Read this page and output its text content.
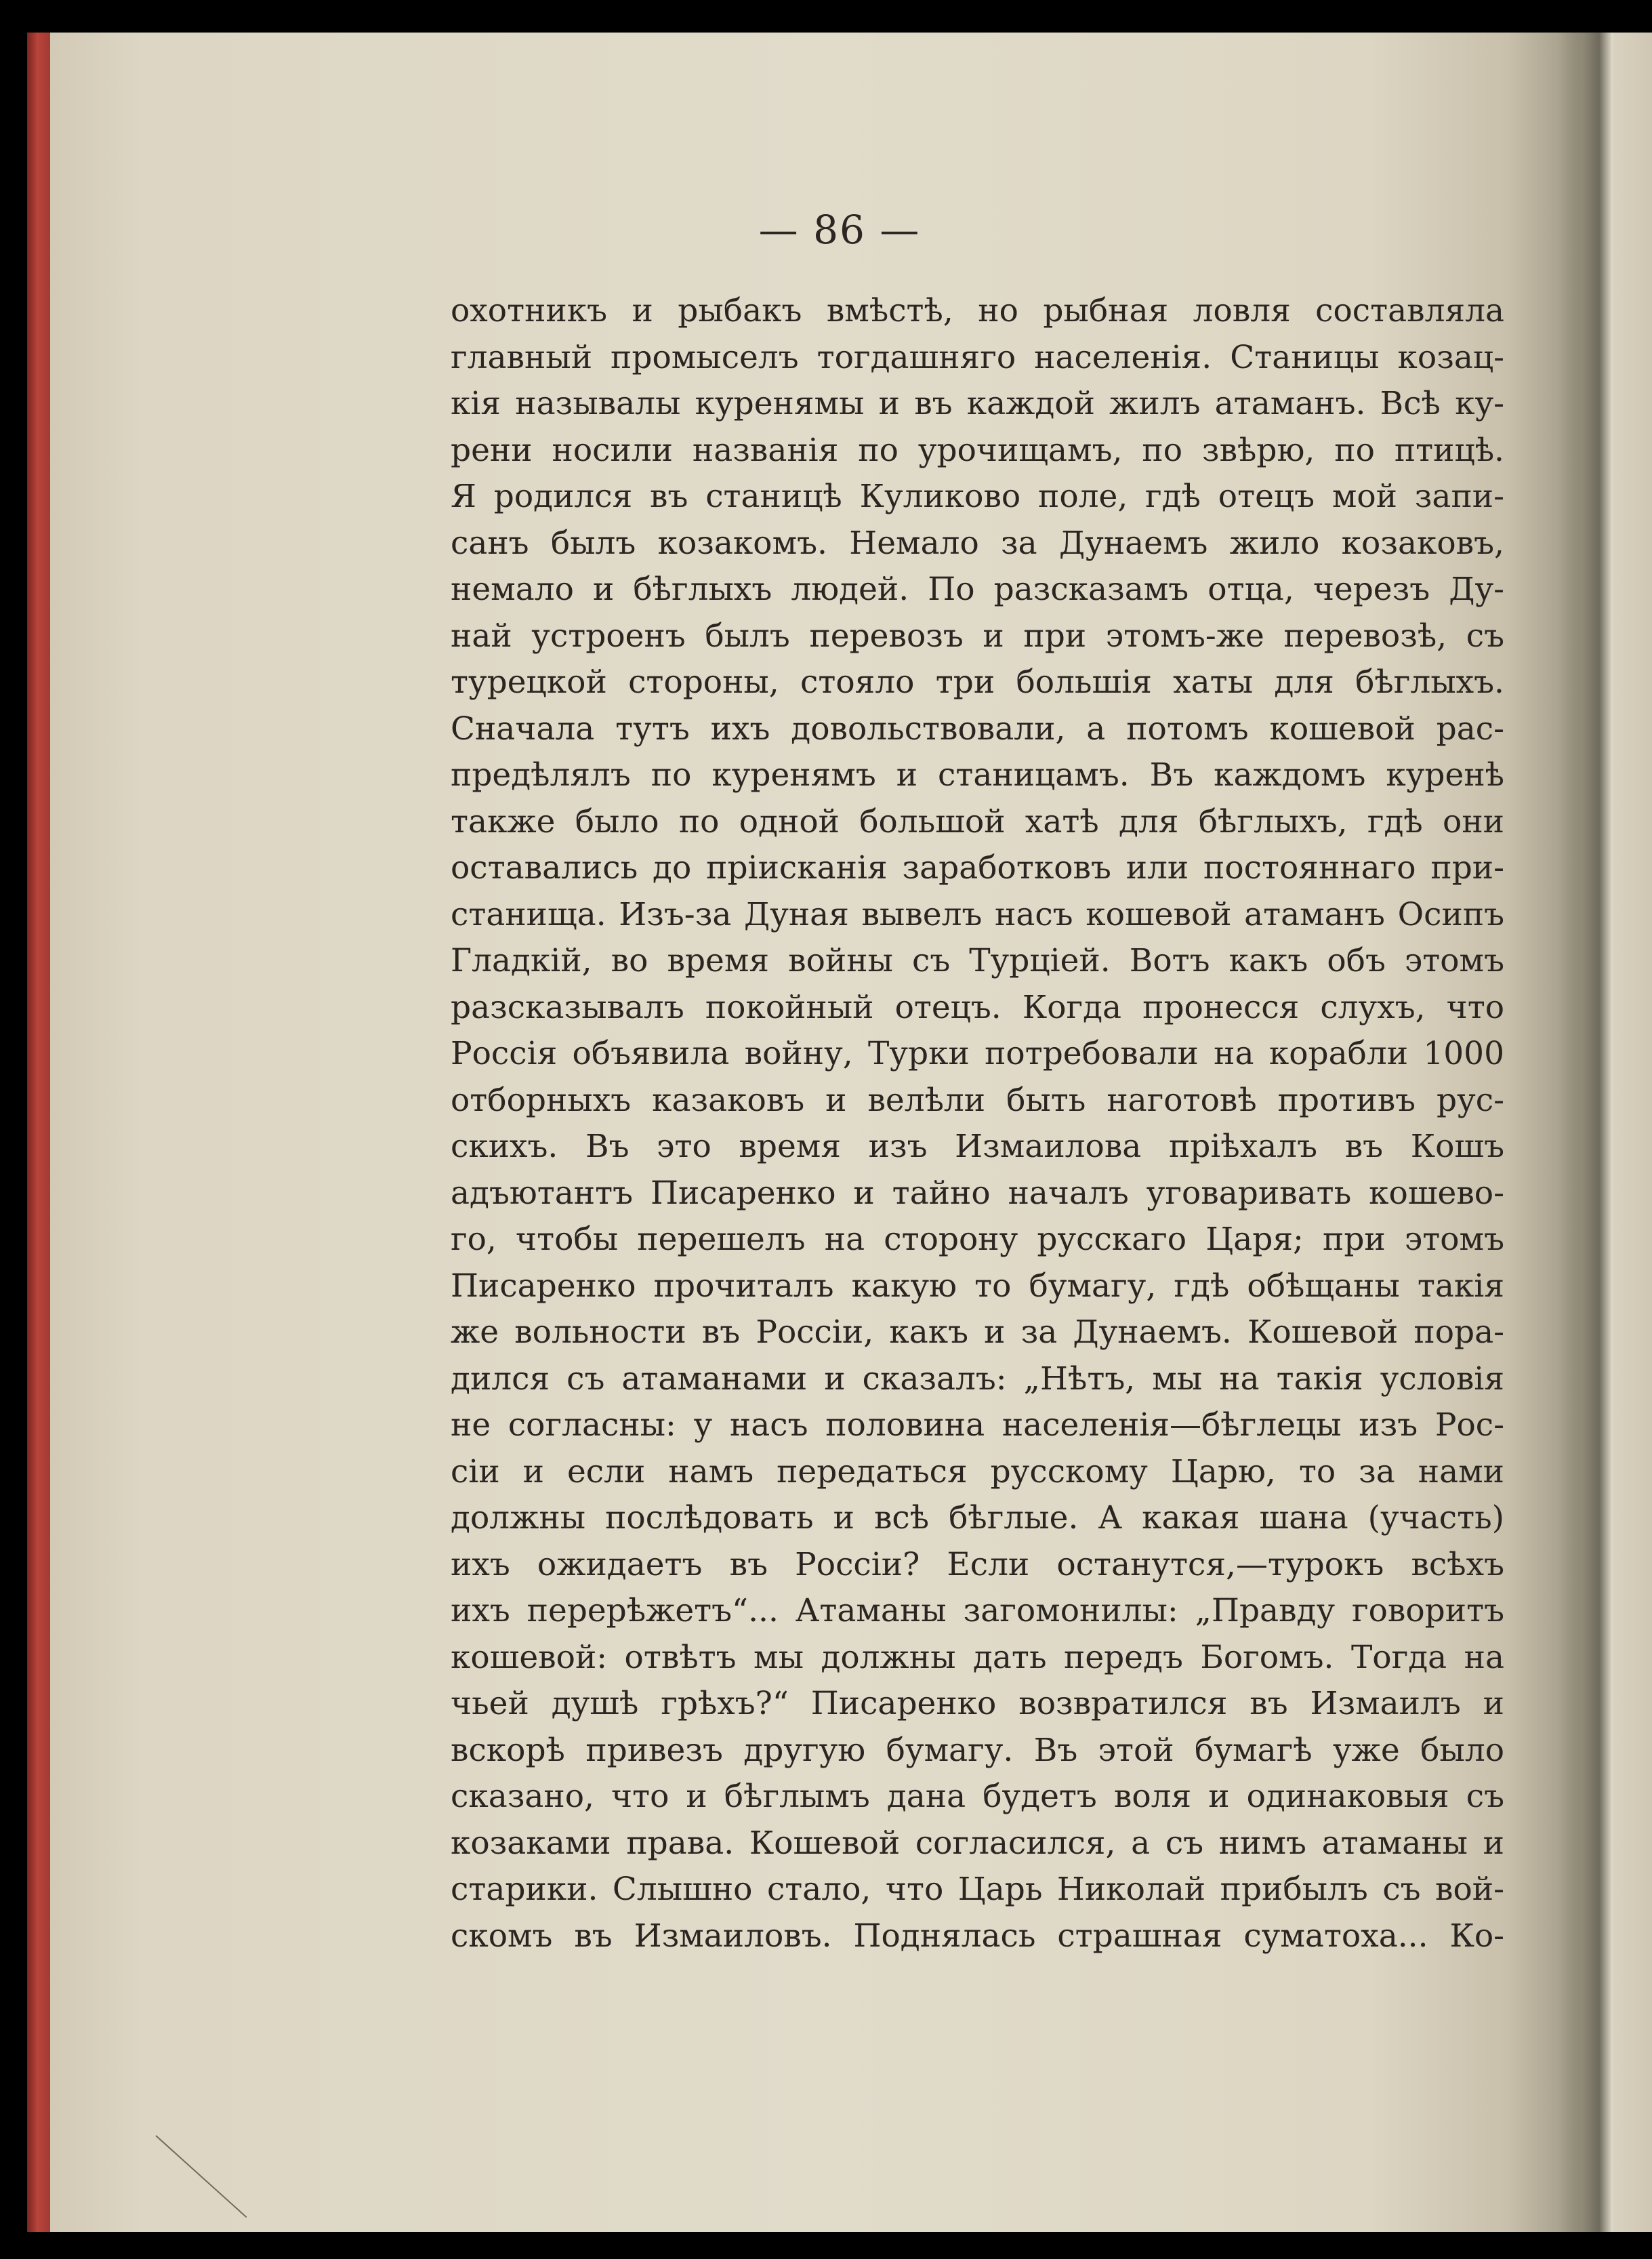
— 86 —
охотникъ и рыбакъ вмѣстѣ, но рыбная ловля составляла
главный промыселъ тогдашняго населенія. Станицы козац-
кія называлы куренямы и въ каждой жилъ атаманъ. Всѣ ку-
рени носили названія по урочищамъ, по звѣрю, по птицѣ.
Я родился въ станицѣ Куликово поле, гдѣ отецъ мой запи-
санъ былъ козакомъ. Немало за Дунаемъ жило козаковъ,
немало и бѣглыхъ людей. По разсказамъ отца, черезъ Ду-
най устроенъ былъ перевозъ и при этомъ-же перевозѣ, съ
турецкой стороны, стояло три большія хаты для бѣглыхъ.
Сначала тутъ ихъ довольствовали, а потомъ кошевой рас-
предѣлялъ по куренямъ и станицамъ. Въ каждомъ куренѣ
также было по одной большой хатѣ для бѣглыхъ, гдѣ они
оставались до пріисканія заработковъ или постояннаго при-
станища. Изъ-за Дуная вывелъ насъ кошевой атаманъ Осипъ
Гладкій, во время войны съ Турціей. Вотъ какъ объ этомъ
разсказывалъ покойный отецъ. Когда пронесся слухъ, что
Россія объявила войну, Турки потребовали на корабли 1000
отборныхъ казаковъ и велѣли быть наготовѣ противъ рус-
скихъ. Въ это время изъ Измаилова пріѣхалъ въ Кошъ
адъютантъ Писаренко и тайно началъ уговаривать кошево-
го, чтобы перешелъ на сторону русскаго Царя; при этомъ
Писаренко прочиталъ какую то бумагу, гдѣ обѣщаны такія
же вольности въ Россіи, какъ и за Дунаемъ. Кошевой пора-
дился съ атаманами и сказалъ: „Нѣтъ, мы на такія условія
не согласны: у насъ половина населенія—бѣглецы изъ Рос-
сіи и если намъ передаться русскому Царю, то за нами
должны послѣдовать и всѣ бѣглые. А какая шана (участь)
ихъ ожидаетъ въ Россіи? Если останутся,—турокъ всѣхъ
ихъ перерѣжетъ“... Атаманы загомонилы: „Правду говоритъ
кошевой: отвѣтъ мы должны дать передъ Богомъ. Тогда на
чьей душѣ грѣхъ?“ Писаренко возвратился въ Измаилъ и
вскорѣ привезъ другую бумагу. Въ этой бумагѣ уже было
сказано, что и бѣглымъ дана будетъ воля и одинаковыя съ
козаками права. Кошевой согласился, а съ нимъ атаманы и
старики. Слышно стало, что Царь Николай прибылъ съ вой-
скомъ въ Измаиловъ. Поднялась страшная суматоха... Ко-
